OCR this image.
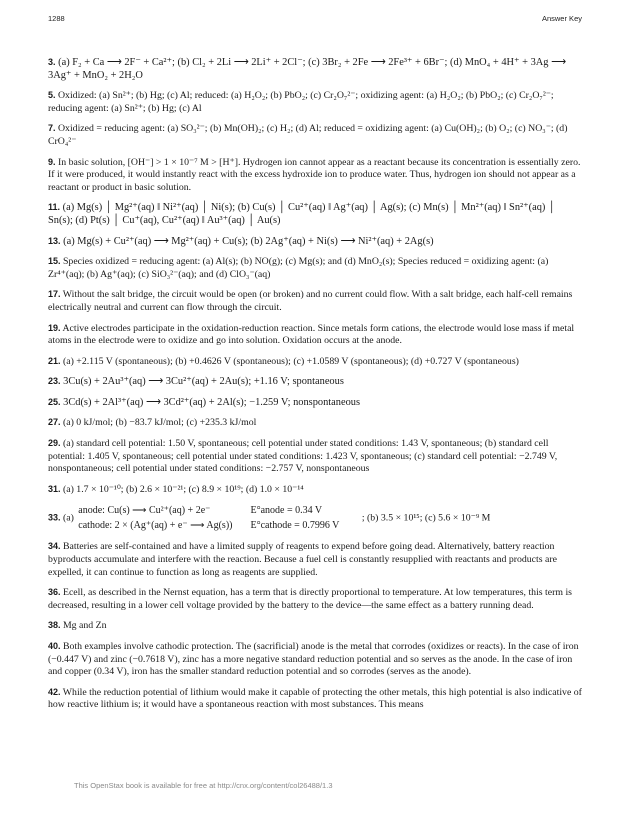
1288	Answer Key

3. (a) F₂ + Ca ⟶ 2F⁻ + Ca²⁺; (b) Cl₂ + 2Li ⟶ 2Li⁺ + 2Cl⁻; (c) 3Br₂ + 2Fe ⟶ 2Fe³⁺ + 6Br⁻; (d) MnO₄ + 4H⁺ + 3Ag ⟶ 3Ag⁺ + MnO₂ + 2H₂O

5. Oxidized: (a) Sn²⁺; (b) Hg; (c) Al; reduced: (a) H₂O₂; (b) PbO₂; (c) Cr₂O₇²⁻; oxidizing agent: (a) H₂O₂; (b) PbO₂; (c) Cr₂O₇²⁻; reducing agent: (a) Sn²⁺; (b) Hg; (c) Al

7. Oxidized = reducing agent: (a) SO₃²⁻; (b) Mn(OH)₂; (c) H₂; (d) Al; reduced = oxidizing agent: (a) Cu(OH)₂; (b) O₂; (c) NO₃⁻; (d) CrO₄²⁻

9. In basic solution, [OH⁻] > 1 × 10⁻⁷ M > [H⁺]. Hydrogen ion cannot appear as a reactant because its concentration is essentially zero. If it were produced, it would instantly react with the excess hydroxide ion to produce water. Thus, hydrogen ion should not appear as a reactant or product in basic solution.

11. (a) Mg(s) │ Mg²⁺(aq) ‖ Ni²⁺(aq) │ Ni(s); (b) Cu(s) │ Cu²⁺(aq) ‖ Ag⁺(aq) │ Ag(s); (c) Mn(s) │ Mn²⁺(aq) ‖ Sn²⁺(aq) │ Sn(s); (d) Pt(s) │ Cu⁺(aq), Cu²⁺(aq) ‖ Au³⁺(aq) │ Au(s)

13. (a) Mg(s) + Cu²⁺(aq) ⟶ Mg²⁺(aq) + Cu(s); (b) 2Ag⁺(aq) + Ni(s) ⟶ Ni²⁺(aq) + 2Ag(s)

15. Species oxidized = reducing agent: (a) Al(s); (b) NO(g); (c) Mg(s); and (d) MnO₂(s); Species reduced = oxidizing agent: (a) Zr⁴⁺(aq); (b) Ag⁺(aq); (c) SiO₃²⁻(aq); and (d) ClO₃⁻(aq)

17. Without the salt bridge, the circuit would be open (or broken) and no current could flow. With a salt bridge, each half-cell remains electrically neutral and current can flow through the circuit.

19. Active electrodes participate in the oxidation-reduction reaction. Since metals form cations, the electrode would lose mass if metal atoms in the electrode were to oxidize and go into solution. Oxidation occurs at the anode.

21. (a) +2.115 V (spontaneous); (b) +0.4626 V (spontaneous); (c) +1.0589 V (spontaneous); (d) +0.727 V (spontaneous)

23. 3Cu(s) + 2Au³⁺(aq) ⟶ 3Cu²⁺(aq) + 2Au(s); +1.16 V; spontaneous

25. 3Cd(s) + 2Al³⁺(aq) ⟶ 3Cd²⁺(aq) + 2Al(s); −1.259 V; nonspontaneous

27. (a) 0 kJ/mol; (b) −83.7 kJ/mol; (c) +235.3 kJ/mol

29. (a) standard cell potential: 1.50 V, spontaneous; cell potential under stated conditions: 1.43 V, spontaneous; (b) standard cell potential: 1.405 V, spontaneous; cell potential under stated conditions: 1.423 V, spontaneous; (c) standard cell potential: −2.749 V, nonspontaneous; cell potential under stated conditions: −2.757 V, nonspontaneous

31. (a) 1.7 × 10⁻¹⁰; (b) 2.6 × 10⁻²¹; (c) 8.9 × 10¹⁹; (d) 1.0 × 10⁻¹⁴

33. (a) anode: Cu(s) ⟶ Cu²⁺(aq) + 2e⁻	E°anode = 0.34 V
cathode: 2 × (Ag⁺(aq) + e⁻ ⟶ Ag(s))	E°cathode = 0.7996 V ; (b) 3.5 × 10¹⁵; (c) 5.6 × 10⁻⁹ M

34. Batteries are self-contained and have a limited supply of reagents to expend before going dead. Alternatively, battery reaction byproducts accumulate and interfere with the reaction. Because a fuel cell is constantly resupplied with reactants and products are expelled, it can continue to function as long as reagents are supplied.

36. Ecell, as described in the Nernst equation, has a term that is directly proportional to temperature. At low temperatures, this term is decreased, resulting in a lower cell voltage provided by the battery to the device—the same effect as a battery running dead.

38. Mg and Zn

40. Both examples involve cathodic protection. The (sacrificial) anode is the metal that corrodes (oxidizes or reacts). In the case of iron (−0.447 V) and zinc (−0.7618 V), zinc has a more negative standard reduction potential and so serves as the anode. In the case of iron and copper (0.34 V), iron has the smaller standard reduction potential and so corrodes (serves as the anode).

42. While the reduction potential of lithium would make it capable of protecting the other metals, this high potential is also indicative of how reactive lithium is; it would have a spontaneous reaction with most substances. This means

This OpenStax book is available for free at http://cnx.org/content/col26488/1.3
